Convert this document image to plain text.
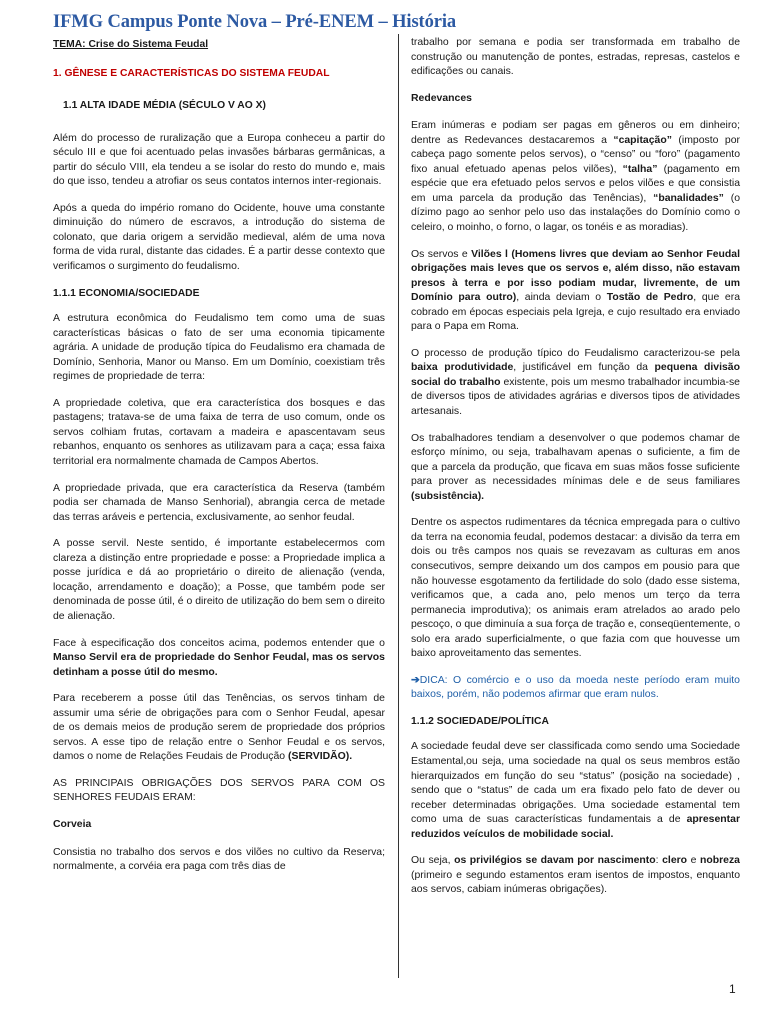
IFMG Campus Ponte Nova – Pré-ENEM – História

TEMA: Crise do Sistema Feudal

1. GÊNESE E CARACTERÍSTICAS DO SISTEMA FEUDAL

1.1 ALTA IDADE MÉDIA (SÉCULO V AO X)

Além do processo de ruralização que a Europa conheceu a partir do século III e que foi acentuado pelas invasões bárbaras germânicas, a partir do século VIII, ela tendeu a se isolar do resto do mundo e, mais do que isso, tendeu a atrofiar os seus contatos internos inter-regionais.

Após a queda do império romano do Ocidente, houve uma constante diminuição do número de escravos, a introdução do sistema de colonato, que daria origem a servidão medieval, além de uma nova forma de vida rural, distante das cidades. É a partir desse contexto que verificamos o surgimento do feudalismo.

1.1.1 ECONOMIA/SOCIEDADE

A estrutura econômica do Feudalismo tem como uma de suas características básicas o fato de ser uma economia tipicamente agrária. A unidade de produção típica do Feudalismo era chamada de Domínio, Senhoria, Manor ou Manso. Em um Domínio, coexistiam três regimes de propriedade de terra:

A propriedade coletiva, que era característica dos bosques e das pastagens; tratava-se de uma faixa de terra de uso comum, onde os servos colhiam frutas, cortavam a madeira e apascentavam seus rebanhos, enquanto os senhores as utilizavam para a caça; essa faixa territorial era normalmente chamada de Campos Abertos.

A propriedade privada, que era característica da Reserva (também podia ser chamada de Manso Senhorial), abrangia cerca de metade das terras aráveis e pertencia, exclusivamente, ao senhor feudal.

A posse servil. Neste sentido, é importante estabelecermos com clareza a distinção entre propriedade e posse: a Propriedade implica a posse jurídica e dá ao proprietário o direito de alienação (venda, locação, arrendamento e doação); a Posse, que também pode ser denominada de posse útil, é o direito de utilização do bem sem o direito de alienação.

Face à especificação dos conceitos acima, podemos entender que o Manso Servil era de propriedade do Senhor Feudal, mas os servos detinham a posse útil do mesmo.

Para receberem a posse útil das Tenências, os servos tinham de assumir uma série de obrigações para com o Senhor Feudal, apesar de os demais meios de produção serem de propriedade dos próprios servos. A esse tipo de relação entre o Senhor Feudal e os servos, damos o nome de Relações Feudais de Produção (SERVIDÃO).

AS PRINCIPAIS OBRIGAÇÕES DOS SERVOS PARA COM OS SENHORES FEUDAIS ERAM:

Corveia

Consistia no trabalho dos servos e dos vilões no cultivo da Reserva; normalmente, a corvéia era paga com três dias de

trabalho por semana e podia ser transformada em trabalho de construção ou manutenção de pontes, estradas, represas, castelos e edificações ou canais.

Redevances

Eram inúmeras e podiam ser pagas em gêneros ou em dinheiro; dentre as Redevances destacaremos a “capitação” (imposto por cabeça pago somente pelos servos), o “censo” ou “foro” (pagamento fixo anual efetuado apenas pelos vilões), “talha” (pagamento em espécie que era efetuado pelos servos e pelos vilões e que consistia em uma parcela da produção das Tenências), “banalidades” (o dízimo pago ao senhor pelo uso das instalações do Domínio como o celeiro, o moinho, o forno, o lagar, os tonéis e as moradias).

Os servos e Vilões l (Homens livres que deviam ao Senhor Feudal obrigações mais leves que os servos e, além disso, não estavam presos à terra e por isso podiam mudar, livremente, de um Domínio para outro), ainda deviam o Tostão de Pedro, que era cobrado em épocas especiais pela Igreja, e cujo resultado era enviado para o Papa em Roma.

O processo de produção típico do Feudalismo caracterizou-se pela baixa produtividade, justificável em função da pequena divisão social do trabalho existente, pois um mesmo trabalhador incumbia-se de diversos tipos de atividades agrárias e diversos tipos de atividades artesanais.

Os trabalhadores tendiam a desenvolver o que podemos chamar de esforço mínimo, ou seja, trabalhavam apenas o suficiente, a fim de que a parcela da produção, que ficava em suas mãos fosse suficiente para prover as necessidades mínimas dele e de seus familiares (subsistência).

Dentre os aspectos rudimentares da técnica empregada para o cultivo da terra na economia feudal, podemos destacar: a divisão da terra em dois ou três campos nos quais se revezavam as culturas em anos consecutivos, sempre deixando um dos campos em pousio para que não houvesse esgotamento da fertilidade do solo (dado esse sistema, verificamos que, a cada ano, pelo menos um terço da terra permanecia improdutiva); os animais eram atrelados ao arado pelo pescoço, o que diminuía a sua força de tração e, conseqüentemente, o solo era arado superficialmente, o que fazia com que houvesse um baixo aproveitamento das sementes.

➔DICA: O comércio e o uso da moeda neste período eram muito baixos, porém, não podemos afirmar que eram nulos.

1.1.2 SOCIEDADE/POLÍTICA

A sociedade feudal deve ser classificada como sendo uma Sociedade Estamental,ou seja, uma sociedade na qual os seus membros estão hierarquizados em função do seu “status” (posição na sociedade) , sendo que o “status” de cada um era fixado pelo fato de dever ou receber determinadas obrigações. Uma sociedade estamental tem como uma de suas características fundamentais a de apresentar reduzidos veículos de mobilidade social.

Ou seja, os privilégios se davam por nascimento: clero e nobreza (primeiro e segundo estamentos eram isentos de impostos, enquanto aos servos, cabiam inúmeras obrigações).

1
